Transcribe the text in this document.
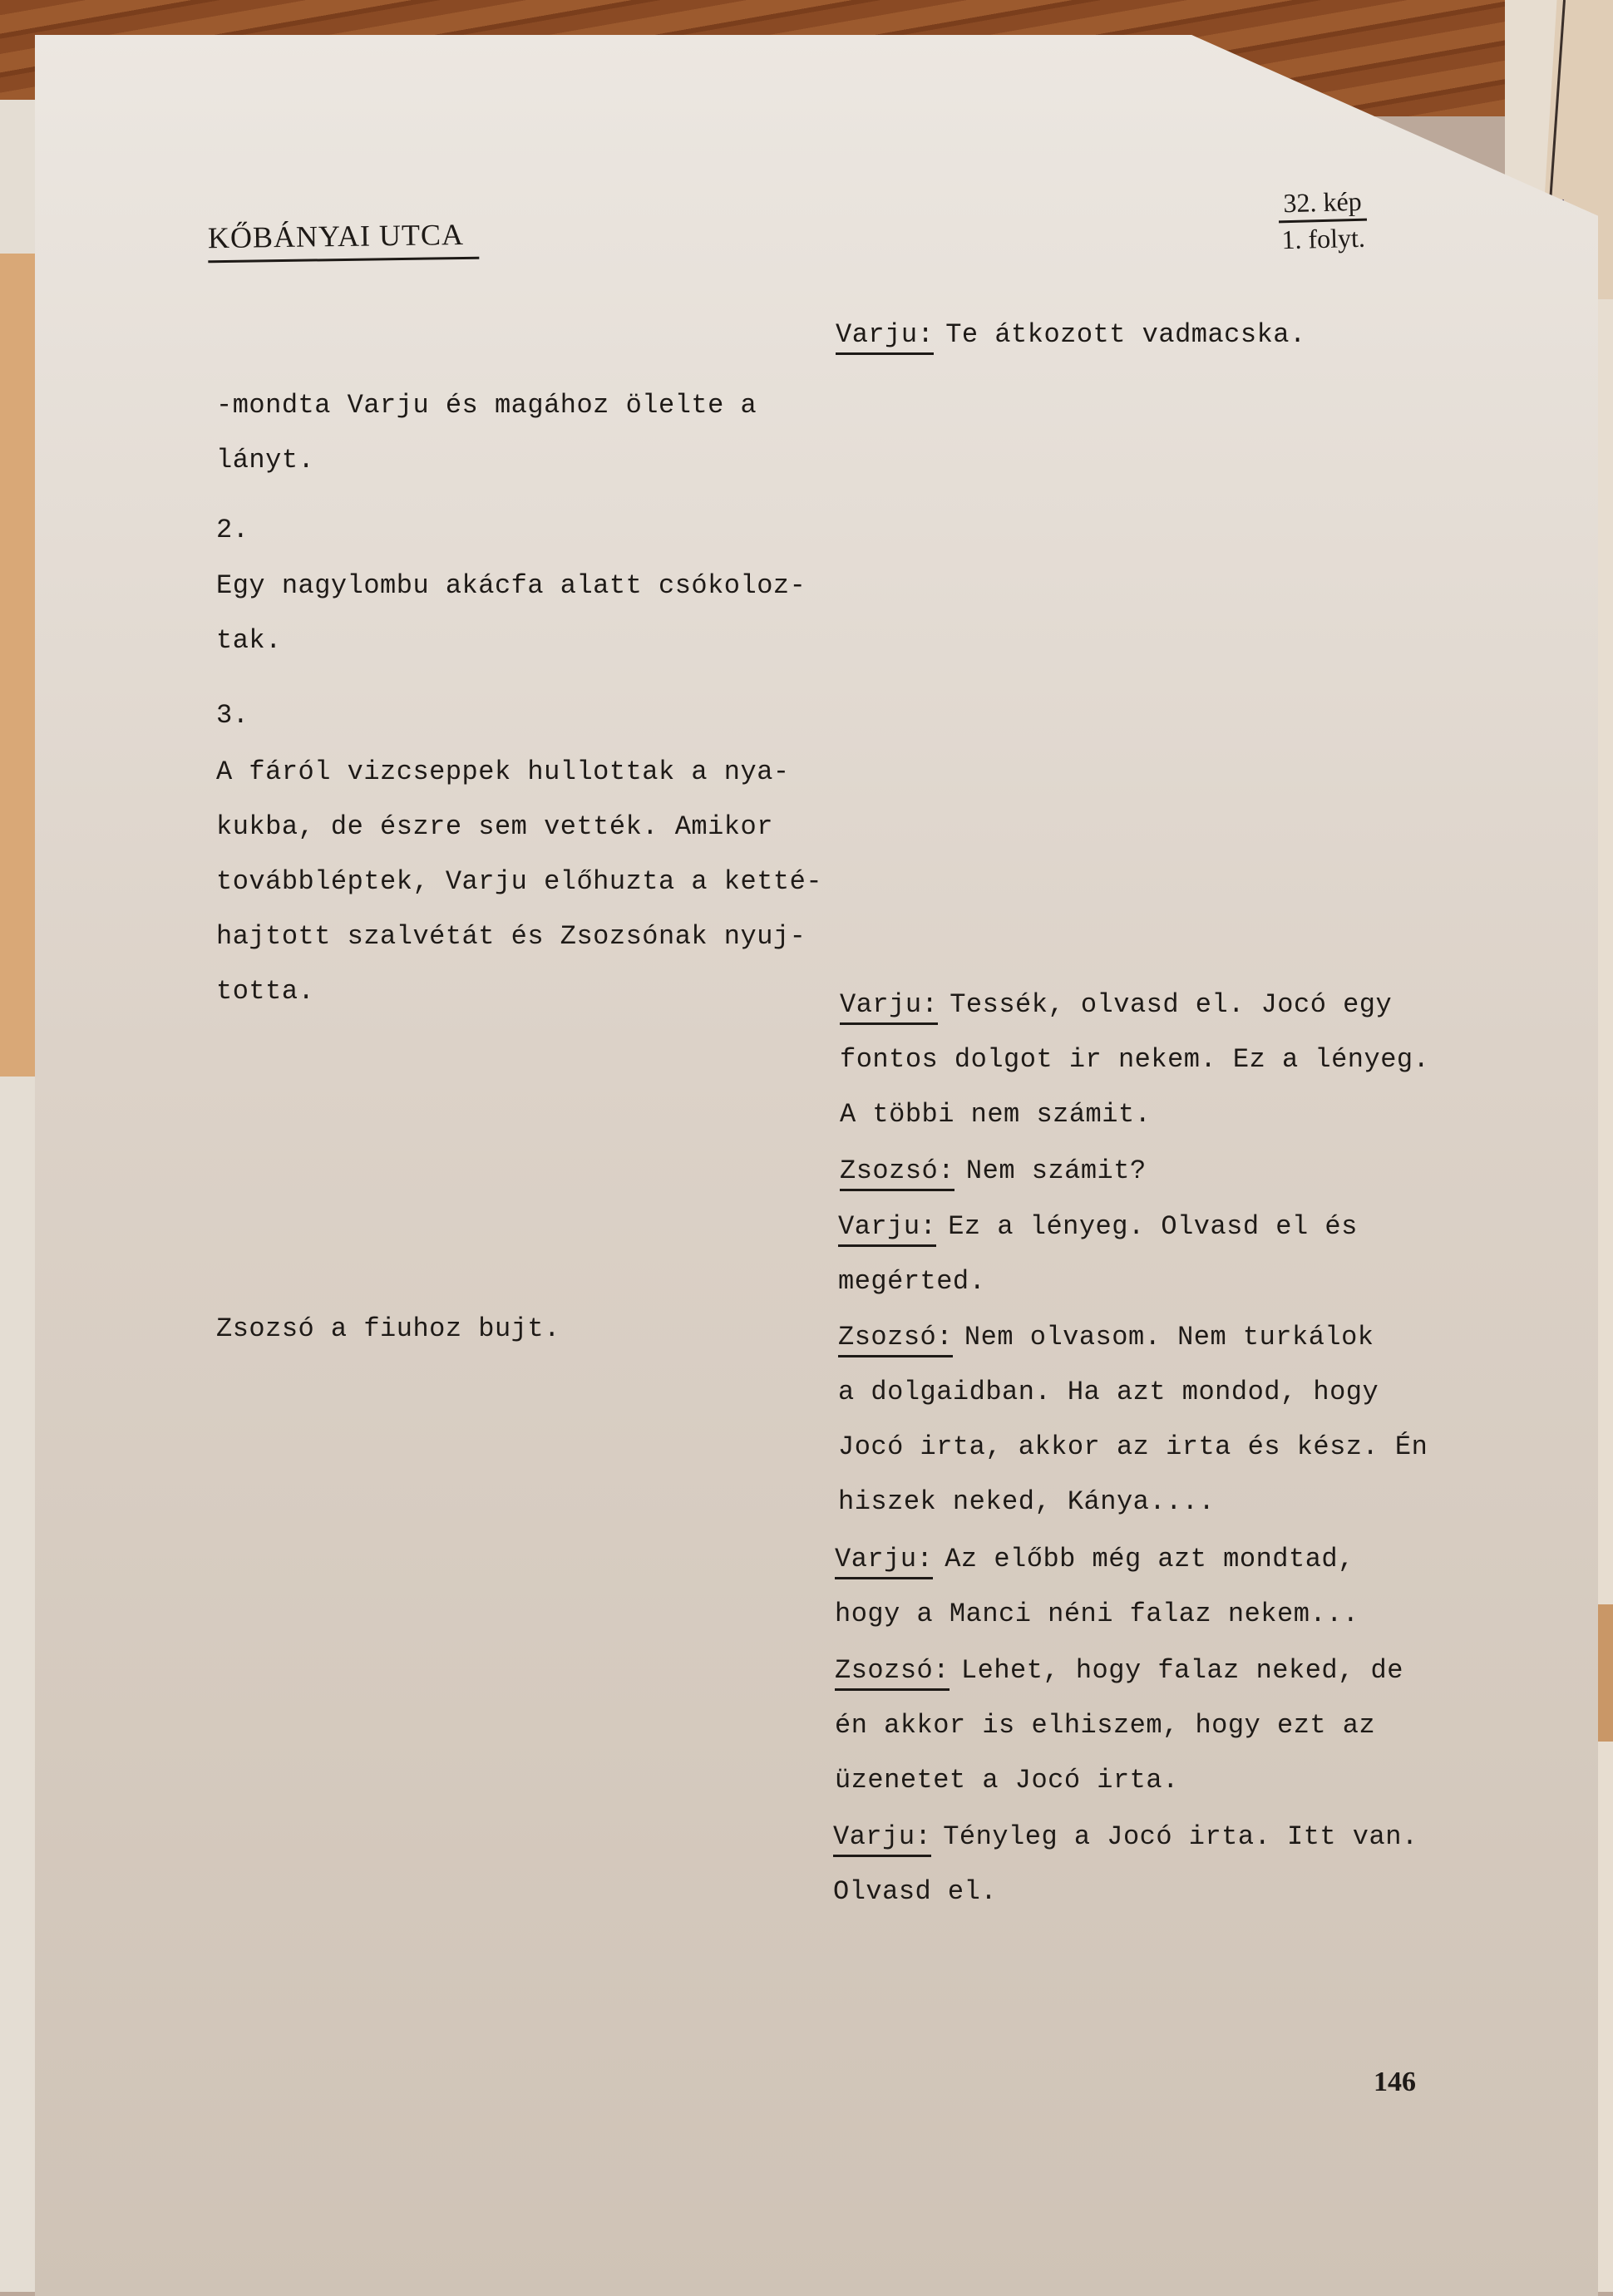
KŐBÁNYAI UTCA
32. kép
1. folyt.
-mondta Varju és magához ölelte a
lányt.
2.
Egy nagylombu akácfa alatt csókoloz-
tak.
3.
A fáról vizcseppek hullottak a nya-
kukba, de észre sem vették. Amikor
továbbléptek, Varju előhuzta a ketté-
hajtott szalvétát és Zsozsónak nyuj-
totta.
Zsozsó a fiuhoz bujt.
Varju: Te átkozott vadmacska.
Varju: Tessék, olvasd el. Jocó egy
fontos dolgot ir nekem. Ez a lényeg.
A többi nem számit.
Zsozsó: Nem számit?
Varju: Ez a lényeg. Olvasd el és
megérted.
Zsozsó: Nem olvasom. Nem turkálok
a dolgaidban. Ha azt mondod, hogy
Jocó irta, akkor az irta és kész. Én
hiszek neked, Kánya....
Varju: Az előbb még azt mondtad,
hogy a Manci néni falaz nekem...
Zsozsó: Lehet, hogy falaz neked, de
én akkor is elhiszem, hogy ezt az
üzenetet a Jocó irta.
Varju: Tényleg a Jocó irta. Itt van.
Olvasd el.
146
